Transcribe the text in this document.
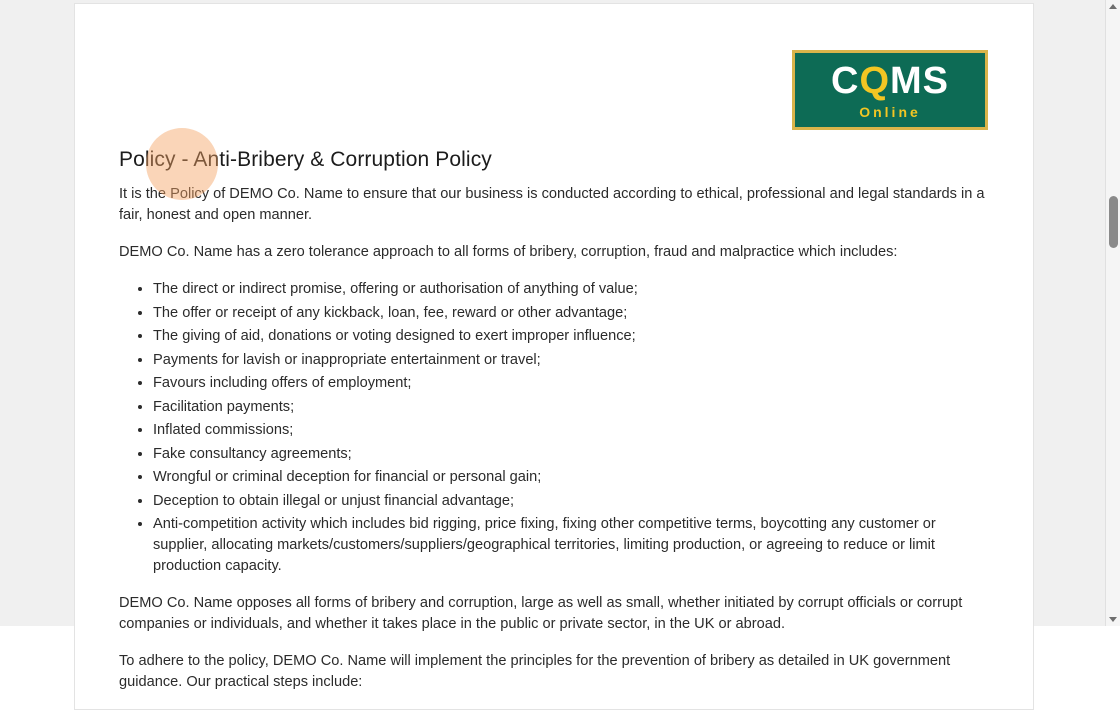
C Q M S
Online
Policy - Anti-Bribery & Corruption Policy

It is the Policy of DEMO Co. Name to ensure that our business is conducted according to ethical, professional and legal standards in a fair, honest and open manner.

DEMO Co. Name has a zero tolerance approach to all forms of bribery, corruption, fraud and malpractice which includes:

• The direct or indirect promise, offering or authorisation of anything of value;
• The offer or receipt of any kickback, loan, fee, reward or other advantage;
• The giving of aid, donations or voting designed to exert improper influence;
• Payments for lavish or inappropriate entertainment or travel;
• Favours including offers of employment;
• Facilitation payments;
• Inflated commissions;
• Fake consultancy agreements;
• Wrongful or criminal deception for financial or personal gain;
• Deception to obtain illegal or unjust financial advantage;
• Anti-competition activity which includes bid rigging, price fixing, fixing other competitive terms, boycotting any customer or supplier, allocating markets/customers/suppliers/geographical territories, limiting production, or agreeing to reduce or limit production capacity.

DEMO Co. Name opposes all forms of bribery and corruption, large as well as small, whether initiated by corrupt officials or corrupt companies or individuals, and whether it takes place in the public or private sector, in the UK or abroad.

To adhere to the policy, DEMO Co. Name will implement the principles for the prevention of bribery as detailed in UK government guidance. Our practical steps include:
